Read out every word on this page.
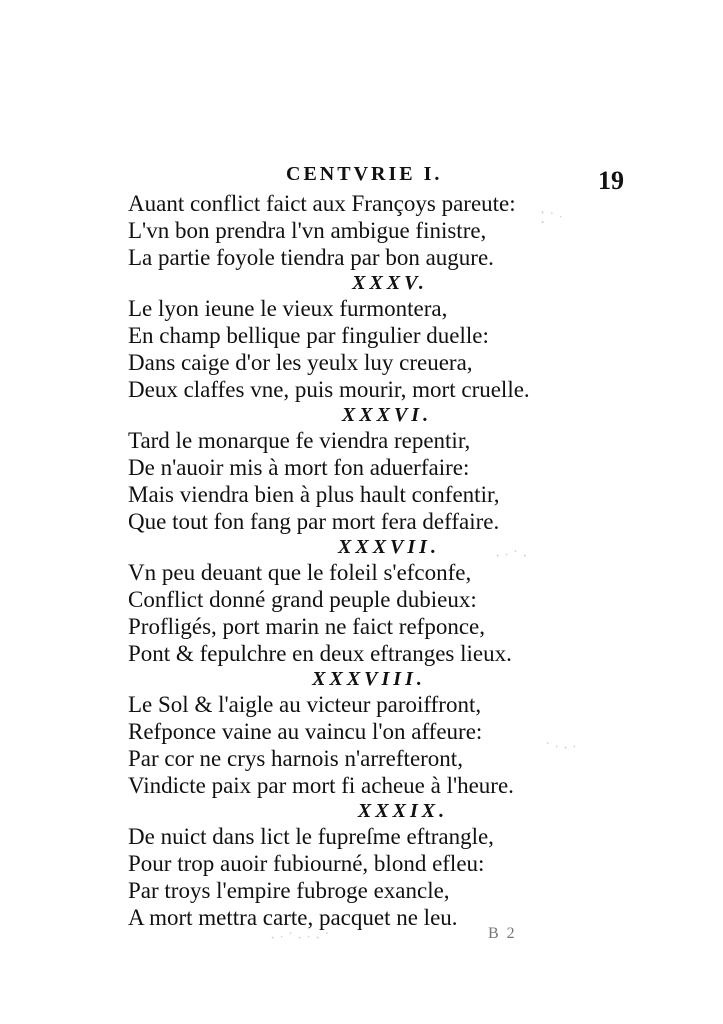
CENTVRIE I.	19
Auant conflict faict aux Françoys pareute:
L'vn bon prendra l'vn ambigue finistre,
La partie foyole tiendra par bon augure.
XXXV.
Le lyon ieune le vieux furmontera,
En champ bellique par fingulier duelle:
Dans caige d'or les yeulx luy creuera,
Deux claffes vne, puis mourir, mort cruelle.
XXXVI.
Tard le monarque fe viendra repentir,
De n'auoir mis à mort fon aduerfaire:
Mais viendra bien à plus hault confentir,
Que tout fon fang par mort fera deffaire.
XXXVII.
Vn peu deuant que le foleil s'efconfe,
Conflict donné grand peuple dubieux:
Profligés, port marin ne faict refponce,
Pont & fepulchre en deux eftranges lieux.
XXXVIII.
Le Sol & l'aigle au victeur paroiffront,
Refponce vaine au vaincu l'on affeure:
Par cor ne crys harnois n'arrefteront,
Vindicte paix par mort fi acheue à l'heure.
XXXIX.
De nuict dans lict le fupreſme eftrangle,
Pour trop auoir fubiourné, blond efleu:
Par troys l'empire fubroge exancle,
A mort mettra carte, pacquet ne leu.
B 2
⁚ ˙ ˑ
· ˑ ˙ ·
˙ ˑ · ˑ
· ˑ ˙ · ˑ · ˙
